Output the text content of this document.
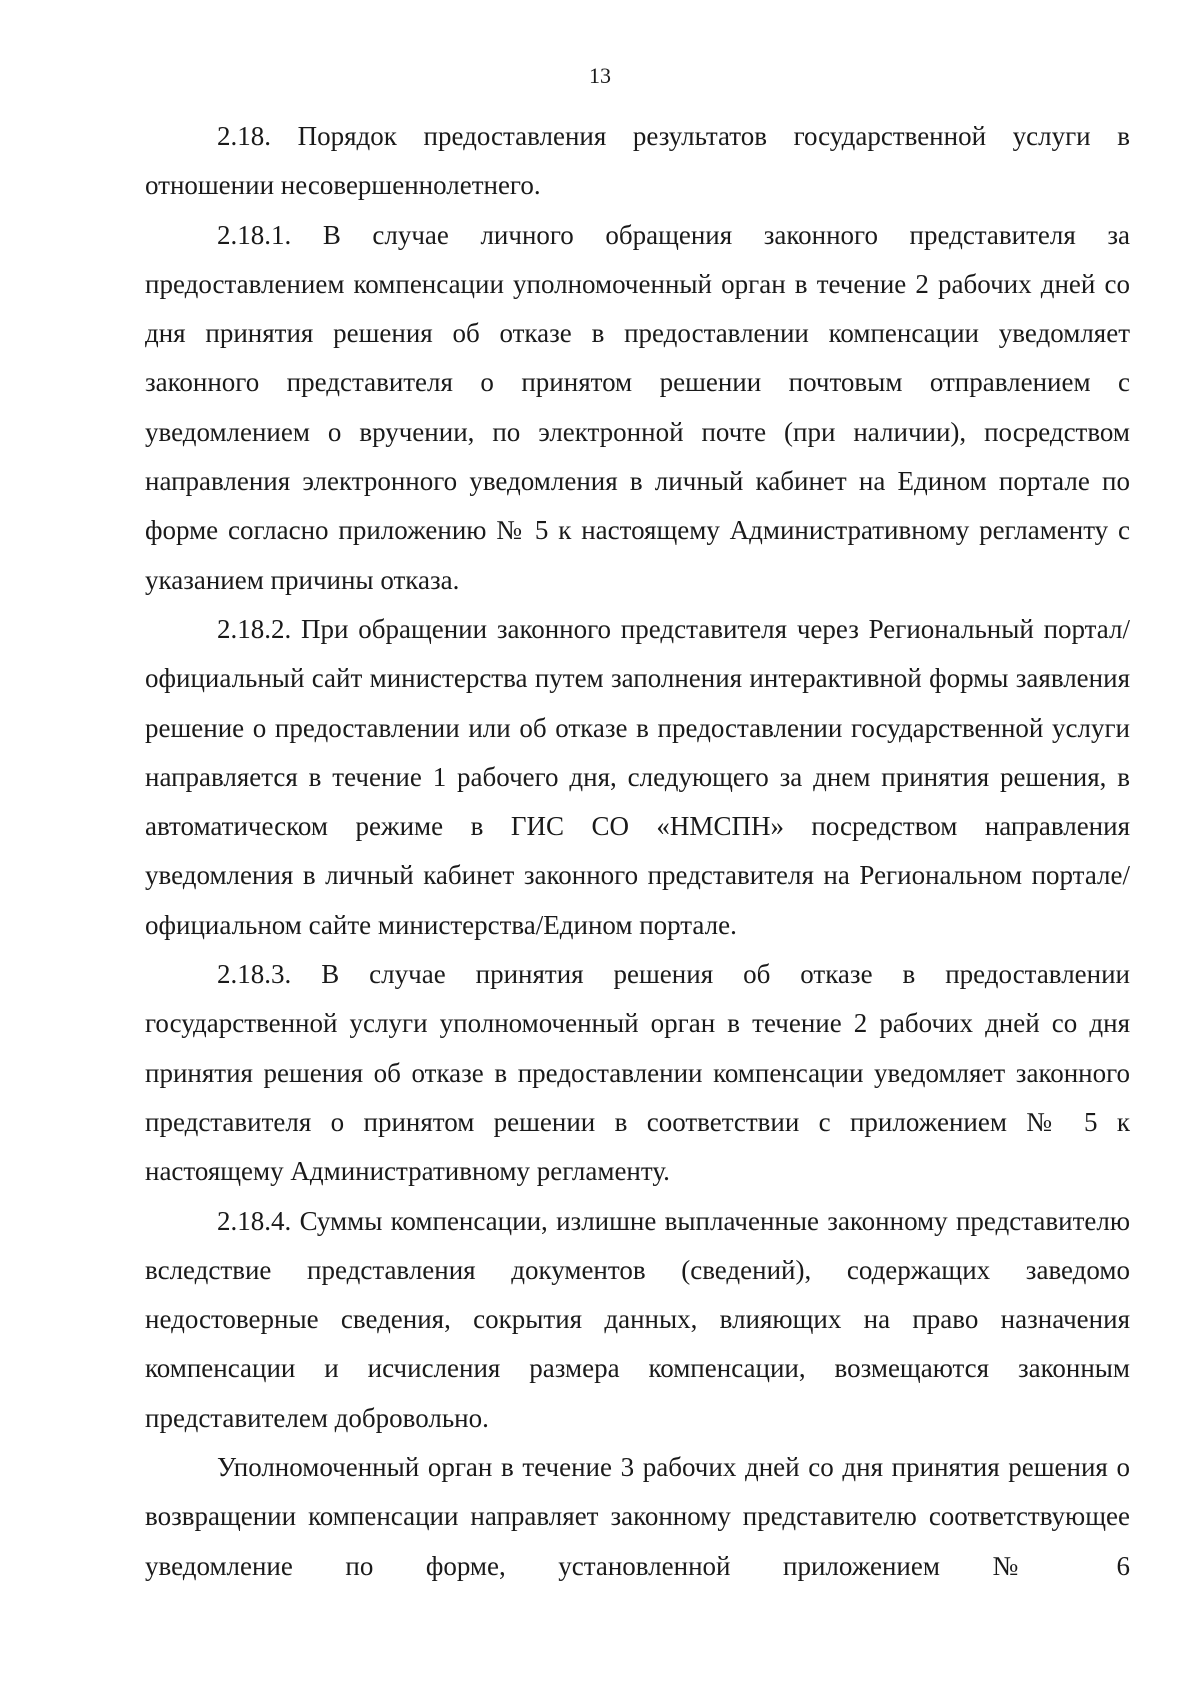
13

2.18. Порядок предоставления результатов государственной услуги в отношении несовершеннолетнего.

2.18.1. В случае личного обращения законного представителя за предоставлением компенсации уполномоченный орган в течение 2 рабочих дней со дня принятия решения об отказе в предоставлении компенсации уведомляет законного представителя о принятом решении почтовым отправлением с уведомлением о вручении, по электронной почте (при наличии), посредством направления электронного уведомления в личный кабинет на Едином портале по форме согласно приложению № 5 к настоящему Административному регламенту с указанием причины отказа.

2.18.2. При обращении законного представителя через Региональный портал/официальный сайт министерства путем заполнения интерактивной формы заявления решение о предоставлении или об отказе в предоставлении государственной услуги направляется в течение 1 рабочего дня, следующего за днем принятия решения, в автоматическом режиме в ГИС СО «НМСПН» посредством направления уведомления в личный кабинет законного представителя на Региональном портале/официальном сайте министерства/Едином портале.

2.18.3. В случае принятия решения об отказе в предоставлении государственной услуги уполномоченный орган в течение 2 рабочих дней со дня принятия решения об отказе в предоставлении компенсации уведомляет законного представителя о принятом решении в соответствии с приложением № 5 к настоящему Административному регламенту.

2.18.4. Суммы компенсации, излишне выплаченные законному представителю вследствие представления документов (сведений), содержащих заведомо недостоверные сведения, сокрытия данных, влияющих на право назначения компенсации и исчисления размера компенсации, возмещаются законным представителем добровольно.

Уполномоченный орган в течение 3 рабочих дней со дня принятия решения о возвращении компенсации направляет законному представителю соответствующее уведомление по форме, установленной приложением № 6
